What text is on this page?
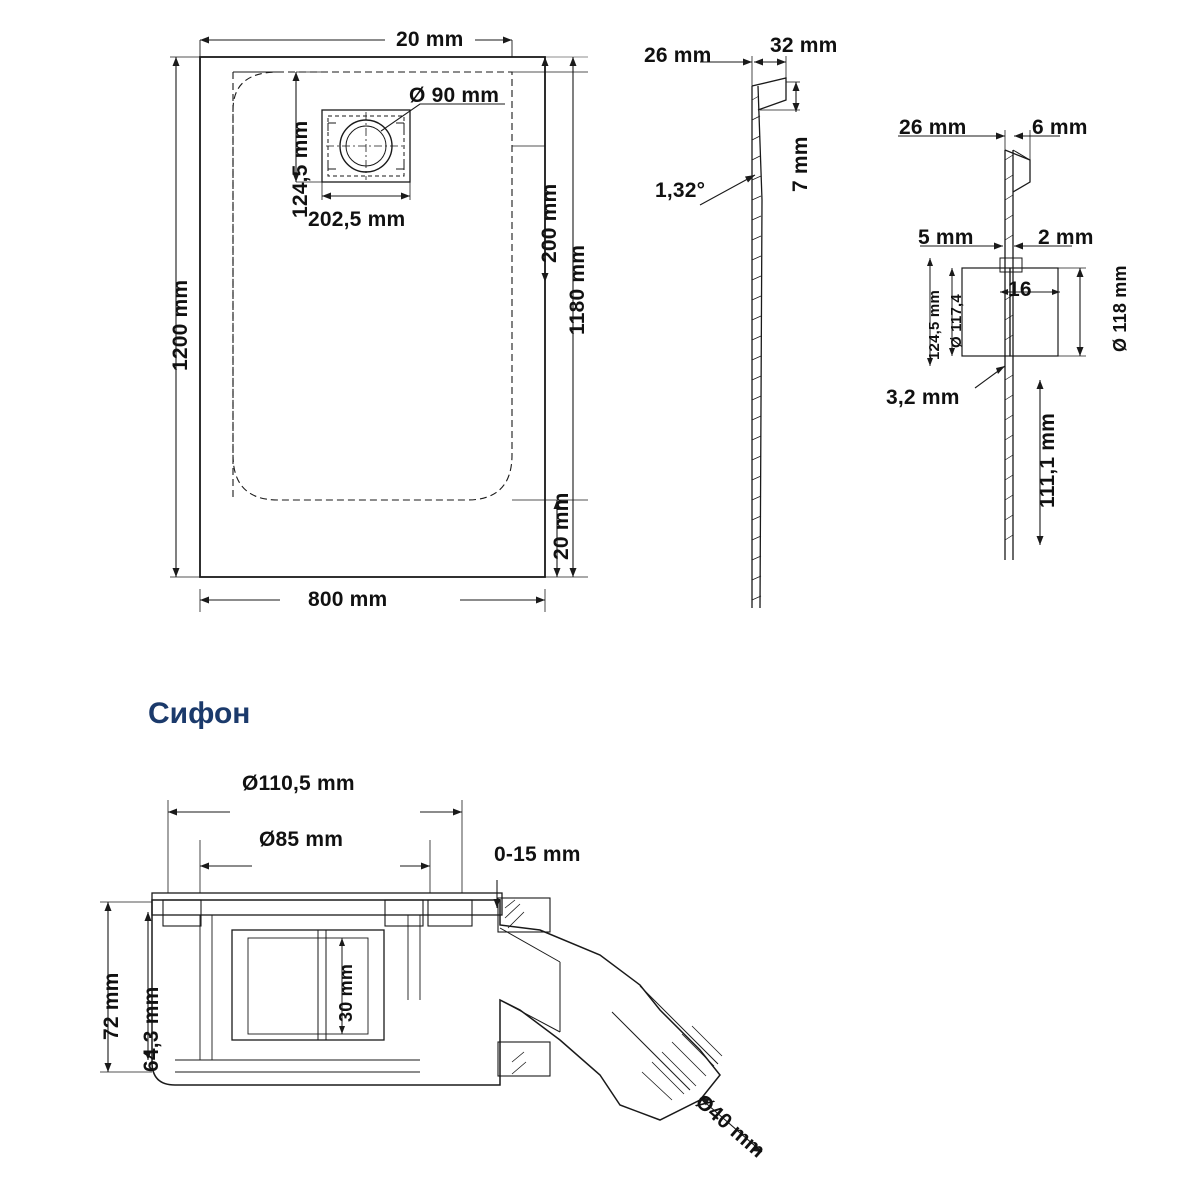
20 mm
Ø 90 mm
124,5 mm
202,5 mm	200 mm
1180 mm
1200 mm
20 mm
800 mm
26 mm	32 mm
7 mm
1,32°
26 mm	6 mm
5 mm	2 mm
16	Ø 118 mm
Ø 117,4
124,5 mm
3,2 mm
111,1 mm
Сифон
Ø110,5 mm
Ø85 mm
0-15 mm
72 mm 64,3 mm	30 mm
Ø40 mm
